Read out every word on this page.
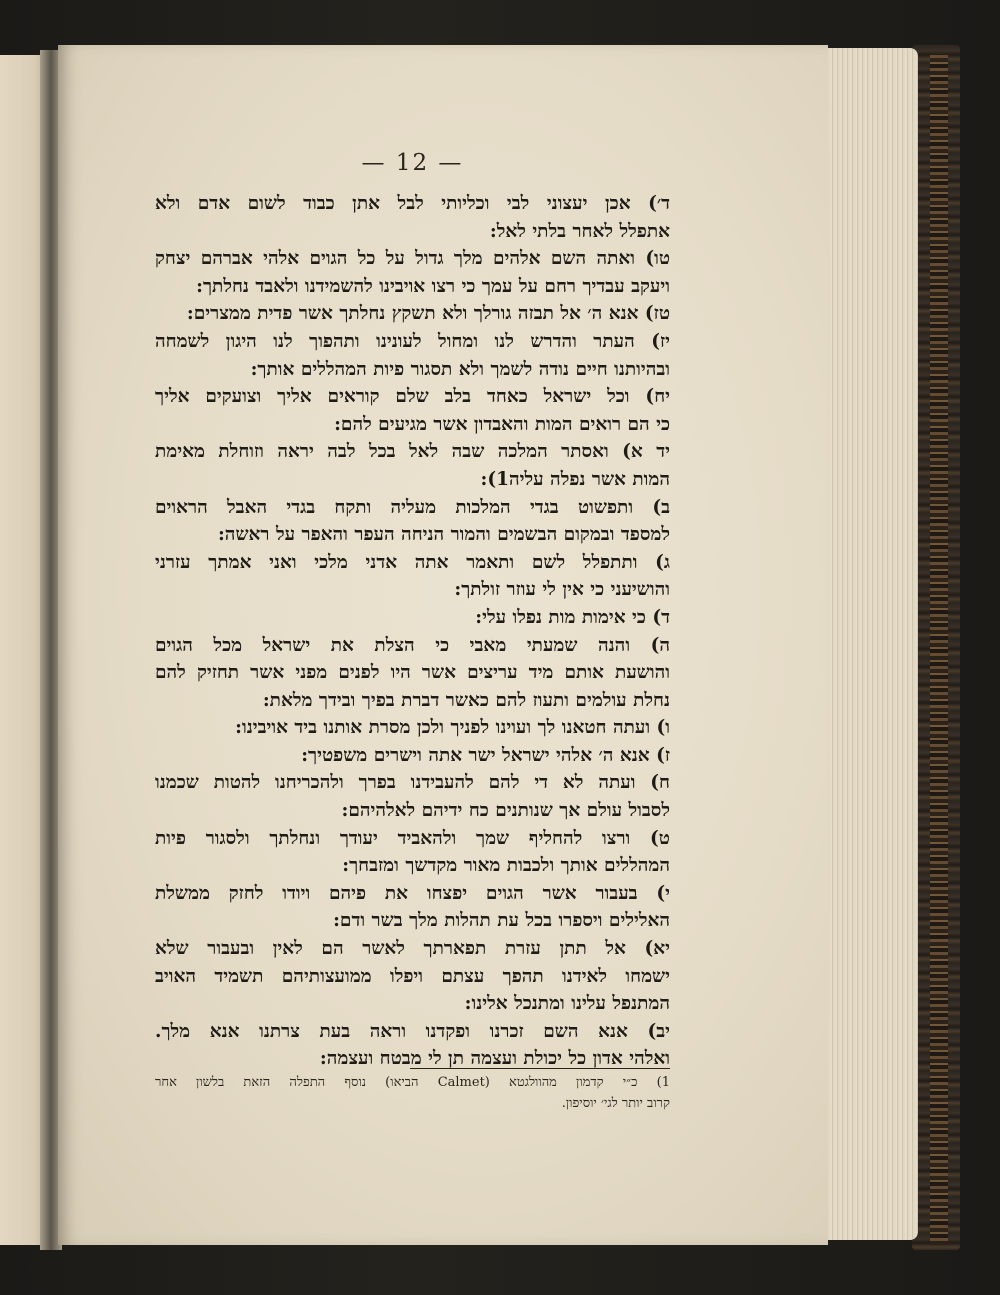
— 12 —
ד׳) אכן יעצוני לבי וכליותי לבל אתן כבוד לשום אדם ולא
אתפלל לאחר בלתי לאל:
טו) ואתה השם אלהים מלך גדול על כל הגוים אלהי אברהם יצחק
ויעקב עבדיך רחם על עמך כי רצו אויבינו להשמידנו ולאבד נחלתך:
טז) אנא ה׳ אל תבזה גורלך ולא תשקץ נחלתך אשר פדית ממצרים:
יז) העתר והדרש לנו ומחול לעונינו ותהפוך לנו היגון לשמחה
ובהיותנו חיים נודה לשמך ולא תסגור פיות המהללים אותך:
יח) וכל ישראל כאחד בלב שלם קוראים אליך וצועקים אליך
כי הם רואים המות והאבדון אשר מגיעים להם:
יד א) ואסתר המלכה שבה לאל בכל לבה יראה וזוחלת מאימת
המות אשר נפלה עליה1):
ב) ותפשוט בגדי המלכות מעליה ותקח בגדי האבל הראוים
למספד ובמקום הבשמים והמור הניחה העפר והאפר על ראשה:
ג) ותתפלל לשם ותאמר אתה אדני מלכי ואני אמתך עזרני
והושיעני כי אין לי עוזר זולתך:
ד) כי אימות מות נפלו עלי:
ה) והנה שמעתי מאבי כי הצלת את ישראל מכל הגוים
והושעת אותם מיד עריצים אשר היו לפנים מפני אשר תחזיק להם
נחלת עולמים ותעוז להם כאשר דברת בפיך ובידך מלאת:
ו) ועתה חטאנו לך ועוינו לפניך ולכן מסרת אותנו ביד אויבינו:
ז) אנא ה׳ אלהי ישראל ישר אתה וישרים משפטיך:
ח) ועתה לא די להם להעבידנו בפרך ולהכריחנו להטות שכמנו
לסבול עולם אך שנותנים כח ידיהם לאלהיהם:
ט) ורצו להחליף שמך ולהאביד יעודך ונחלתך ולסגור פיות
המהללים אותך ולכבות מאור מקדשך ומזבחך:
י) בעבור אשר הגוים יפצחו את פיהם ויודו לחזק ממשלת
האלילים ויספרו בכל עת תהלות מלך בשר ודם:
יא) אל תתן עזרת תפארתך לאשר הם לאין ובעבור שלא
ישמחו לאידנו תהפך עצתם ויפלו ממועצותיהם תשמיד האויב
המתנפל עלינו ומתנכל אלינו:
יב) אנא השם זכרנו ופקדנו וראה בעת צרתנו אנא מלך.
ואלהי אדון כל יכולת ועצמה תן לי מבטח ועצמה:
1) כ״י קדמון מהוולגטא (Calmet הביאו) נוסף התפלה הזאת בלשון אחר
קרוב יותר לגי׳ יוסיפון.
